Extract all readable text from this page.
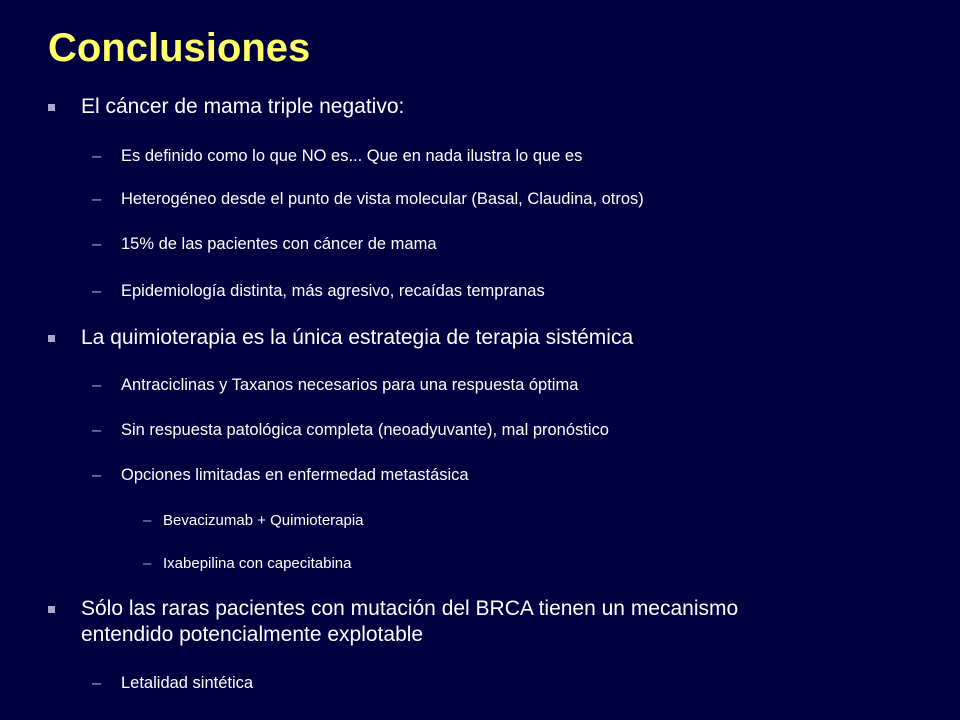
Conclusiones
El cáncer de mama triple negativo:
– Es definido como lo que NO es... Que en nada ilustra lo que es
– Heterogéneo desde el punto de vista molecular (Basal, Claudina, otros)
– 15% de las pacientes con cáncer de mama
– Epidemiología distinta, más agresivo, recaídas tempranas
La quimioterapia es la única estrategia de terapia sistémica
– Antraciclinas y Taxanos necesarios para una respuesta óptima
– Sin respuesta patológica completa (neoadyuvante), mal pronóstico
– Opciones limitadas en enfermedad metastásica
– Bevacizumab + Quimioterapia
– Ixabepilina con capecitabina
Sólo las raras pacientes con mutación del BRCA tienen un mecanismo
entendido potencialmente explotable
– Letalidad sintética
